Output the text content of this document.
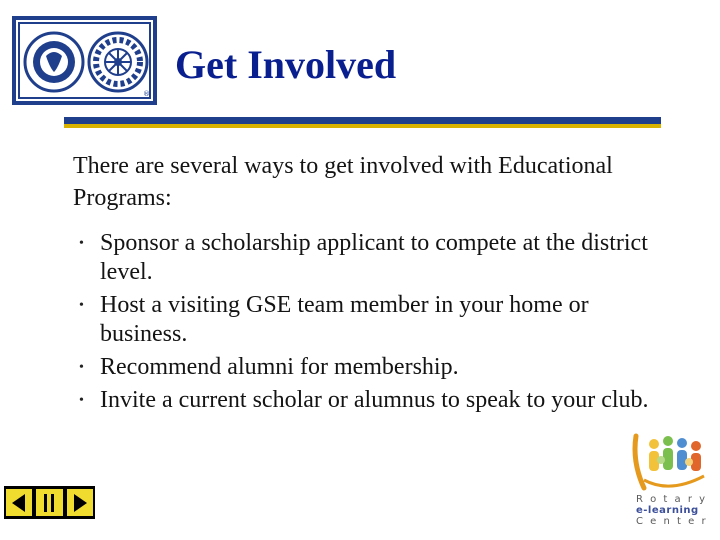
®
Get Involved

There are several ways to get involved with Educational Programs:

• Sponsor a scholarship applicant to compete at the district level.
• Host a visiting GSE team member in your home or business.
• Recommend alumni for membership.
• Invite a current scholar or alumnus to speak to your club.
R o t a r y
e-learning
C e n t e r
